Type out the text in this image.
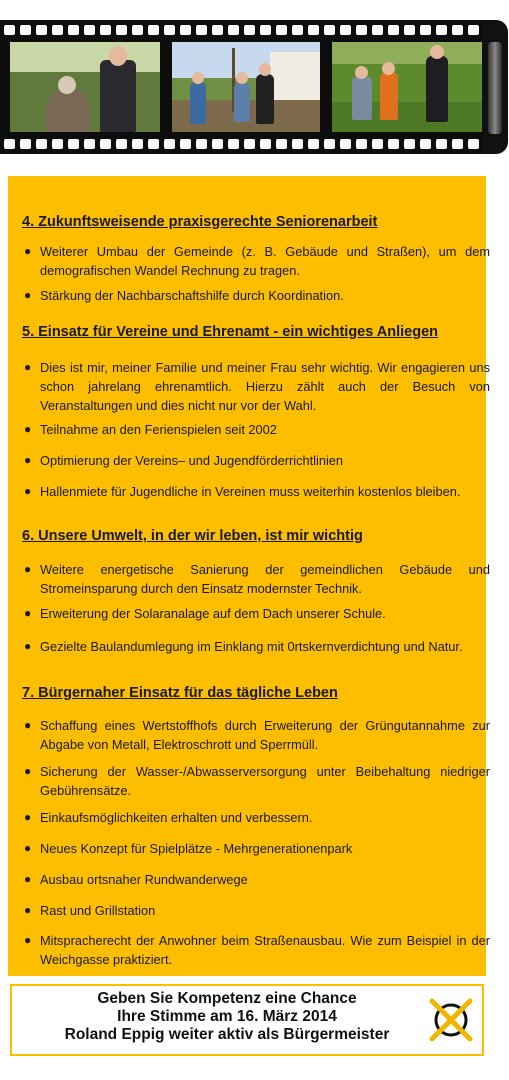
4. Zukunftsweisende praxisgerechte Seniorenarbeit

● Weiterer Umbau der Gemeinde (z. B. Gebäude und Straßen), um dem demografischen Wandel Rechnung zu tragen.

● Stärkung der Nachbarschaftshilfe durch Koordination.

5. Einsatz für Vereine und Ehrenamt - ein wichtiges Anliegen

● Dies ist mir, meiner Familie und meiner Frau sehr wichtig. Wir engagieren uns schon jahrelang ehrenamtlich. Hierzu zählt auch der Besuch von Veranstaltungen und dies nicht nur vor der Wahl.

● Teilnahme an den Ferienspielen seit 2002

● Optimierung der Vereins– und Jugendförderrichtlinien

● Hallenmiete für Jugendliche in Vereinen muss weiterhin kostenlos bleiben.

6. Unsere Umwelt, in der wir leben, ist mir wichtig

● Weitere energetische Sanierung der gemeindlichen Gebäude und Stromeinsparung durch den Einsatz modernster Technik.

● Erweiterung der Solaranalage auf dem Dach unserer Schule.

● Gezielte Baulandumlegung im Einklang mit 0rtskernverdichtung und Natur.

7. Bürgernaher Einsatz für das tägliche Leben

● Schaffung eines Wertstoffhofs durch Erweiterung der Grüngutannahme zur Abgabe von Metall, Elektroschrott und Sperrmüll.

● Sicherung der Wasser-/Abwasserversorgung unter Beibehaltung niedriger Gebührensätze.

● Einkaufsmöglichkeiten erhalten und verbessern.

● Neues Konzept für Spielplätze - Mehrgenerationenpark

● Ausbau ortsnaher Rundwanderwege

● Rast und Grillstation

● Mitspracherecht der Anwohner beim Straßenausbau. Wie zum Beispiel in der Weichgasse praktiziert.

Geben Sie Kompetenz eine Chance
Ihre Stimme am 16. März 2014
Roland Eppig weiter aktiv als Bürgermeister
